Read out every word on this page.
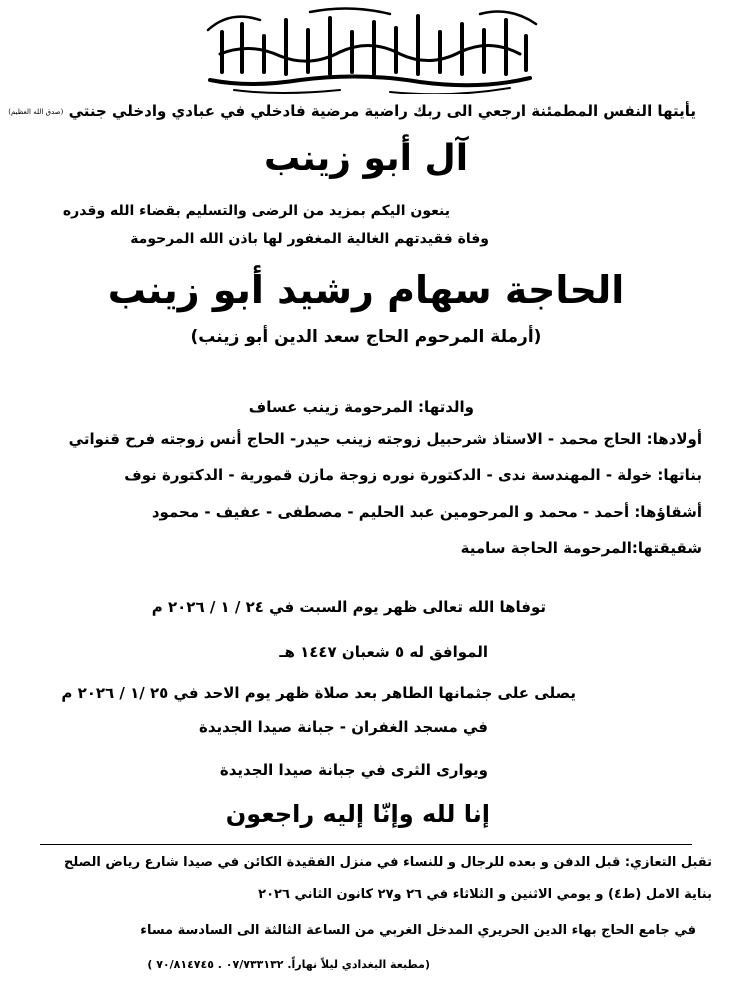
سبحان الحي الذي لا يموت
يأيتها النفس المطمئنة ارجعي الى ربك راضية مرضية فادخلي في عبادي وادخلي جنتي (صدق الله العظيم)
آل أبو زينب
ينعون اليكم بمزيد من الرضى والتسليم بقضاء الله وقدره
وفاة فقيدتهم الغالية المغفور لها باذن الله المرحومة
الحاجة سهام رشيد أبو زينب
(أرملة المرحوم الحاج سعد الدين أبو زينب)
والدتها: المرحومة زينب عساف
أولادها: الحاج محمد - الاستاذ شرحبيل زوجته زينب حيدر- الحاج أنس زوجته فرح قنواتي
بناتها: خولة - المهندسة ندى - الدكتورة نوره زوجة مازن قمورية - الدكتورة نوف
أشقاؤها: أحمد - محمد و المرحومين عبد الحليم - مصطفى - عفيف - محمود
شقيقتها:المرحومة الحاجة سامية
توفاها الله تعالى ظهر يوم السبت في ٢٤ / ١ / ٢٠٢٦ م
الموافق له ٥ شعبان ١٤٤٧ هـ
يصلى على جثمانها الطاهر بعد صلاة ظهر يوم الاحد في ٢٥ /١ / ٢٠٢٦ م
في مسجد الغفران - جبانة صيدا الجديدة
ويوارى الثرى في جبانة صيدا الجديدة
إنا لله وإنّا إليه راجعون
تقبل التعازي: قبل الدفن و بعده للرجال و للنساء في منزل الفقيدة الكائن في صيدا شارع رياض الصلح
بناية الامل (ط٤) و يومي الاثنين و الثلاثاء في ٢٦ و٢٧ كانون الثاني ٢٠٢٦
في جامع الحاج بهاء الدين الحريري المدخل الغربي من الساعة الثالثة الى السادسة مساء
(مطبعة البغدادي ليلاً نهاراً. ٠٧/٧٣٣١٣٢ . ٧٠/٨١٤٧٤٥ )
